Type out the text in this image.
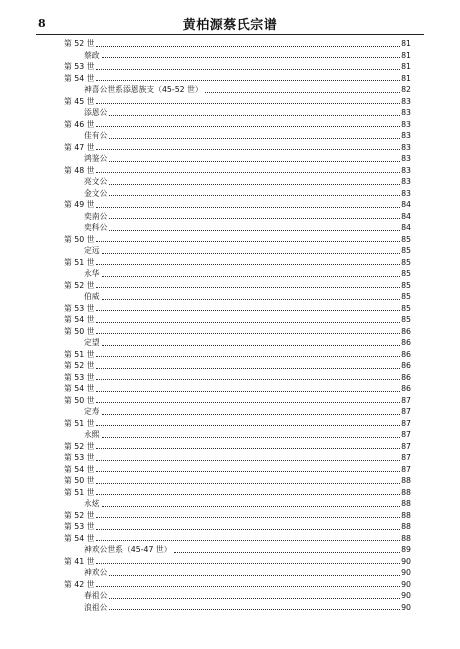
8	黄柏源蔡氏宗谱
第 52 世	81
蔡政	81
第 53 世	81
第 54 世	81
神喜公世系添恩族支（45-52 世）	82
第 45 世	83
添恩公	83
第 46 世	83
佳有公	83
第 47 世	83
鸿鉴公	83
第 48 世	83
亮文公	83
金文公	83
第 49 世	84
奕南公	84
奕科公	84
第 50 世	85
定远	85
第 51 世	85
永华	85
第 52 世	85
伯威	85
第 53 世	85
第 54 世	85
第 50 世	86
定望	86
第 51 世	86
第 52 世	86
第 53 世	86
第 54 世	86
第 50 世	87
定寿	87
第 51 世	87
永熙	87
第 52 世	87
第 53 世	87
第 54 世	87
第 50 世	88
第 51 世	88
永炫	88
第 52 世	88
第 53 世	88
第 54 世	88
神欢公世系（45-47 世）	89
第 41 世	90
神欢公	90
第 42 世	90
春祖公	90
浪祖公	90
